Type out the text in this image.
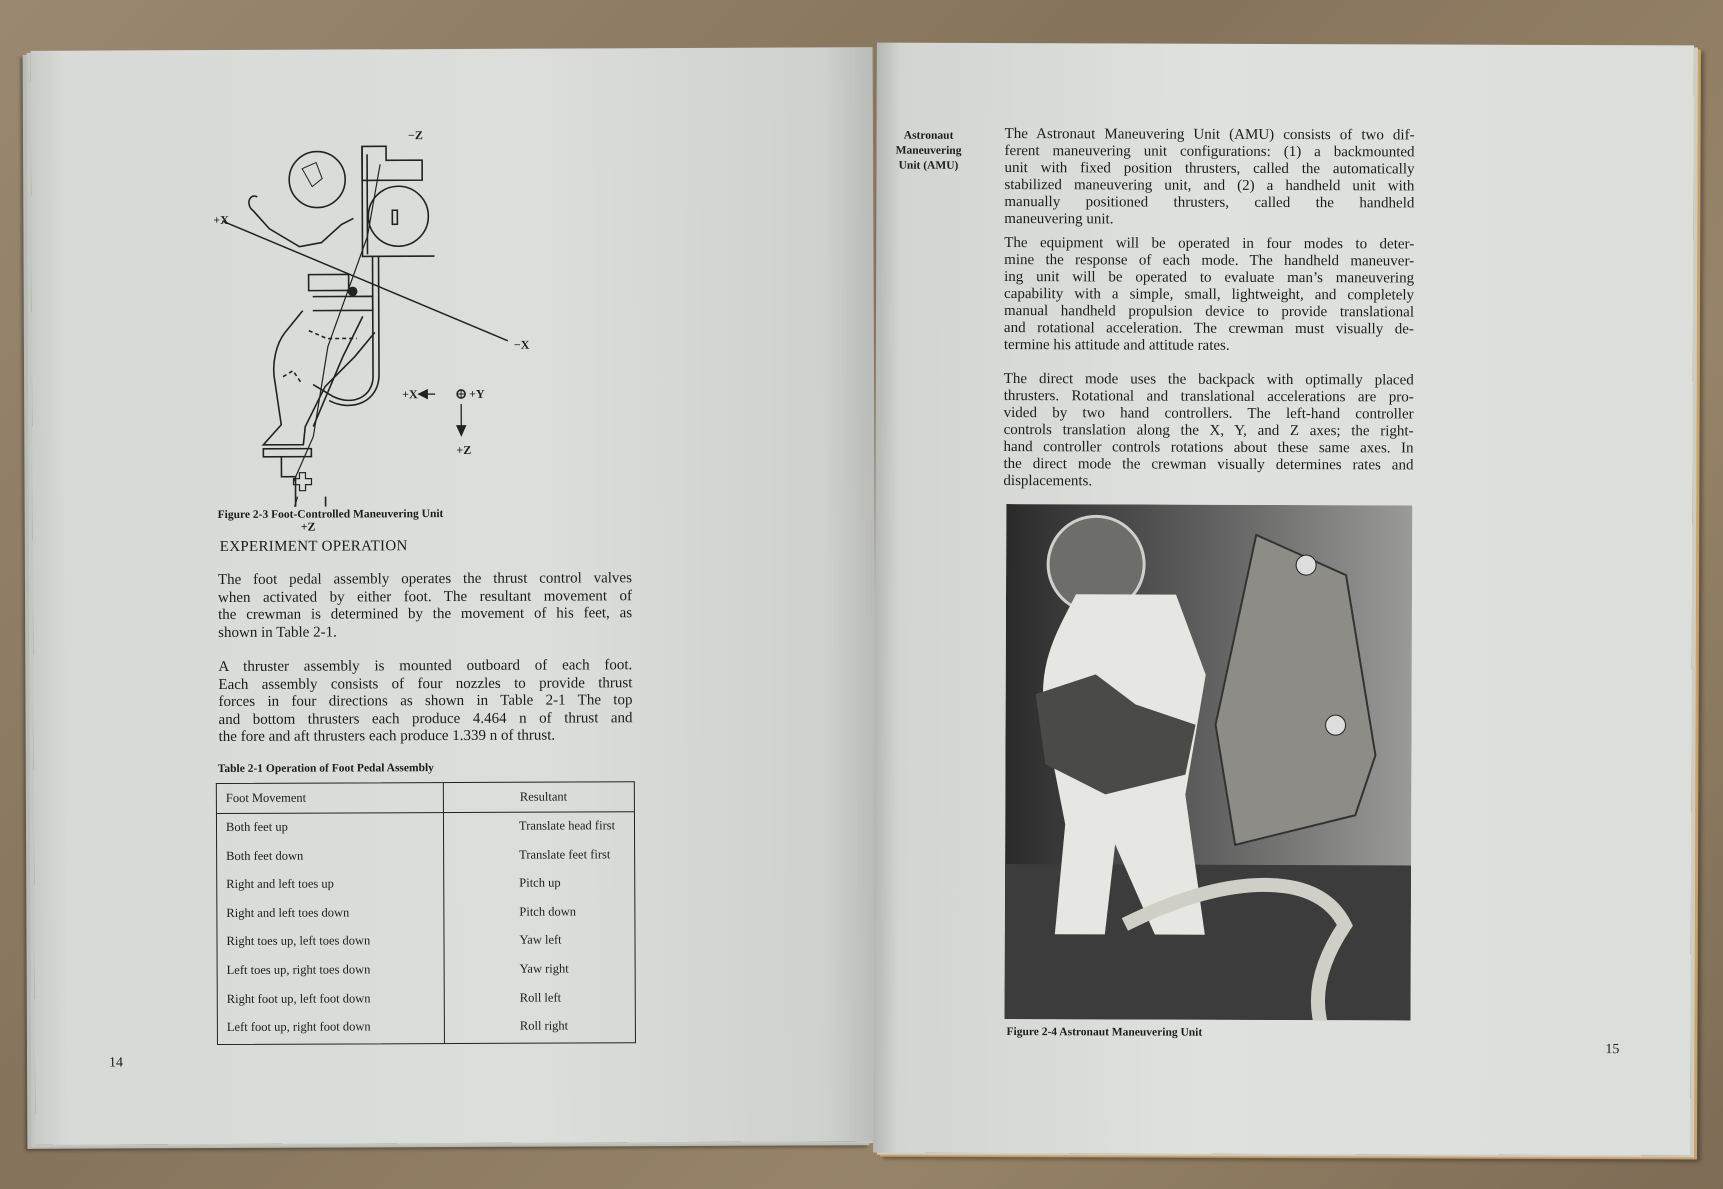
−Z
+X
−X
+Z
+X	+Y
+Z
Figure 2-3 Foot-Controlled Maneuvering Unit
EXPERIMENT OPERATION
The foot pedal assembly operates the thrust control valves
when activated by either foot. The resultant movement of
the crewman is determined by the movement of his feet, as
shown in Table 2-1.
A thruster assembly is mounted outboard of each foot.
Each assembly consists of four nozzles to provide thrust
forces in four directions as shown in Table 2-1 The top
and bottom thrusters each produce 4.464 n of thrust and
the fore and aft thrusters each produce 1.339 n of thrust.
Table 2-1 Operation of Foot Pedal Assembly
Foot Movement	Resultant
Both feet up	Translate head first
Both feet down	Translate feet first
Right and left toes up	Pitch up
Right and left toes down	Pitch down
Right toes up, left toes down	Yaw left
Left toes up, right toes down	Yaw right
Right foot up, left foot down	Roll left
Left foot up, right foot down	Roll right
14
Astronaut
Maneuvering
Unit (AMU)
The Astronaut Maneuvering Unit (AMU) consists of two dif-
ferent maneuvering unit configurations: (1) a backmounted
unit with fixed position thrusters, called the automatically
stabilized maneuvering unit, and (2) a handheld unit with
manually positioned thrusters, called the handheld
maneuvering unit.
The equipment will be operated in four modes to deter-
mine the response of each mode. The handheld maneuver-
ing unit will be operated to evaluate man’s maneuvering
capability with a simple, small, lightweight, and completely
manual handheld propulsion device to provide translational
and rotational acceleration. The crewman must visually de-
termine his attitude and attitude rates.
The direct mode uses the backpack with optimally placed
thrusters. Rotational and translational accelerations are pro-
vided by two hand controllers. The left-hand controller
controls translation along the X, Y, and Z axes; the right-
hand controller controls rotations about these same axes. In
the direct mode the crewman visually determines rates and
displacements.
Figure 2-4 Astronaut Maneuvering Unit
15
